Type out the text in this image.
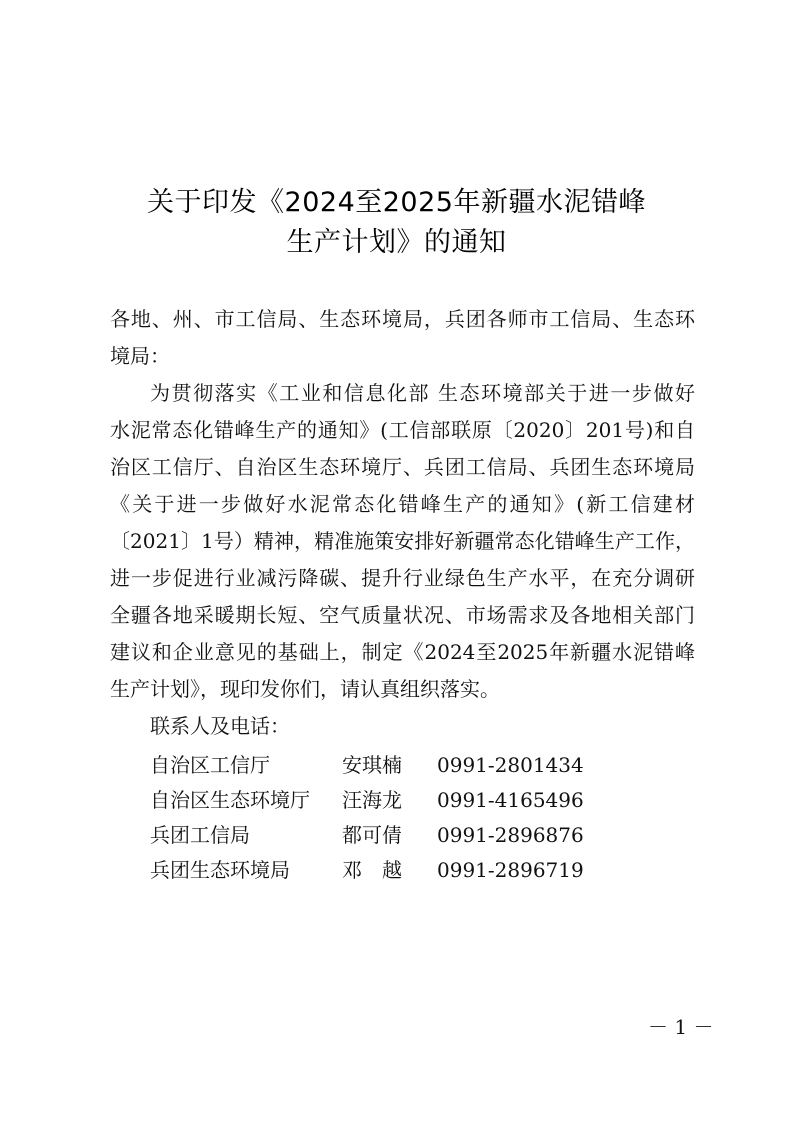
关于印发《2024至2025年新疆水泥错峰
生产计划》的通知
各地、州、市工信局、生态环境局，兵团各师市工信局、生态环
境局：
为贯彻落实《工业和信息化部 生态环境部关于进一步做好
水泥常态化错峰生产的通知》(工信部联原〔2020〕201号)和自
治区工信厅、自治区生态环境厅、兵团工信局、兵团生态环境局
《关于进一步做好水泥常态化错峰生产的通知》(新工信建材
〔2021〕1号）精神，精准施策安排好新疆常态化错峰生产工作，
进一步促进行业减污降碳、提升行业绿色生产水平，在充分调研
全疆各地采暖期长短、空气质量状况、市场需求及各地相关部门
建议和企业意见的基础上，制定《2024至2025年新疆水泥错峰
生产计划》，现印发你们，请认真组织落实。
联系人及电话：
自治区工信厅	安琪楠 0991-2801434
自治区生态环境厅 汪海龙 0991-4165496
兵团工信局	都可倩 0991-2896876
兵团生态环境局	邓　越 0991-2896719
－ 1 －
